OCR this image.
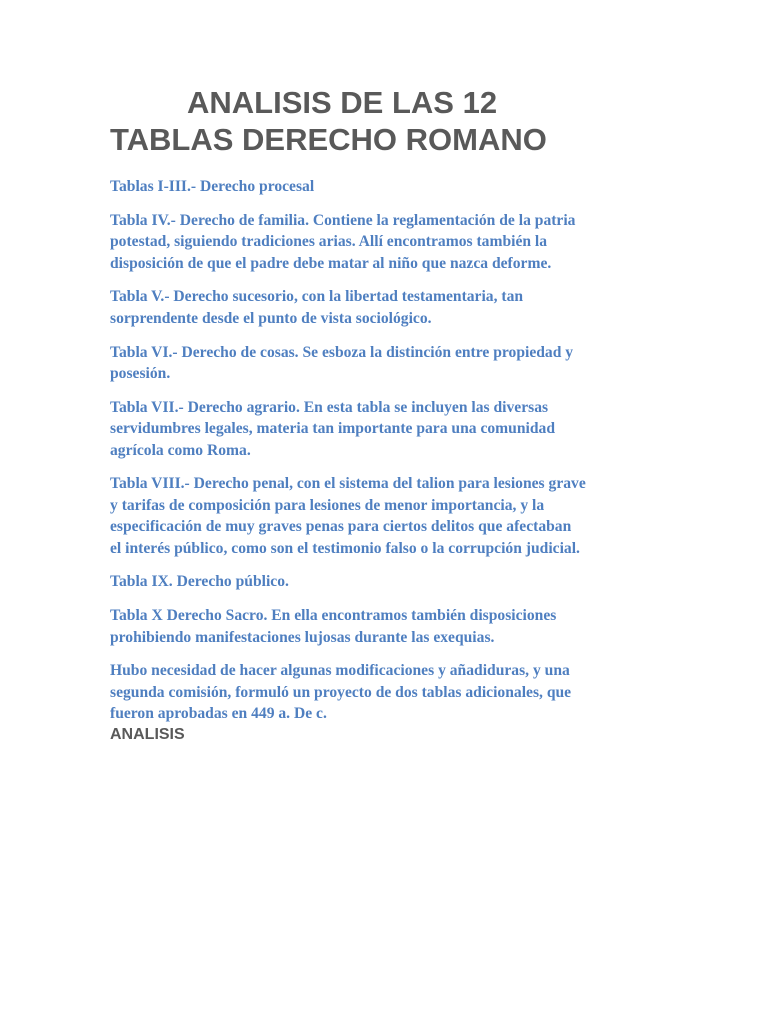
ANALISIS DE LAS 12
TABLAS DERECHO ROMANO

Tablas I-III.- Derecho procesal

Tabla IV.- Derecho de familia. Contiene la reglamentación de la patria
potestad, siguiendo tradiciones arias. Allí encontramos también la
disposición de que el padre debe matar al niño que nazca deforme.

Tabla V.- Derecho sucesorio, con la libertad testamentaria, tan
sorprendente desde el punto de vista sociológico.

Tabla VI.- Derecho de cosas. Se esboza la distinción entre propiedad y
posesión.

Tabla VII.- Derecho agrario. En esta tabla se incluyen las diversas
servidumbres legales, materia tan importante para una comunidad
agrícola como Roma.

Tabla VIII.- Derecho penal, con el sistema del talion para lesiones grave
y tarifas de composición para lesiones de menor importancia, y la
especificación de muy graves penas para ciertos delitos que afectaban
el interés público, como son el testimonio falso o la corrupción judicial.

Tabla IX. Derecho público.

Tabla X Derecho Sacro. En ella encontramos también disposiciones
prohibiendo manifestaciones lujosas durante las exequias.

Hubo necesidad de hacer algunas modificaciones y añadiduras, y una
segunda comisión, formuló un proyecto de dos tablas adicionales, que
fueron aprobadas en 449 a. De c.

ANALISIS
